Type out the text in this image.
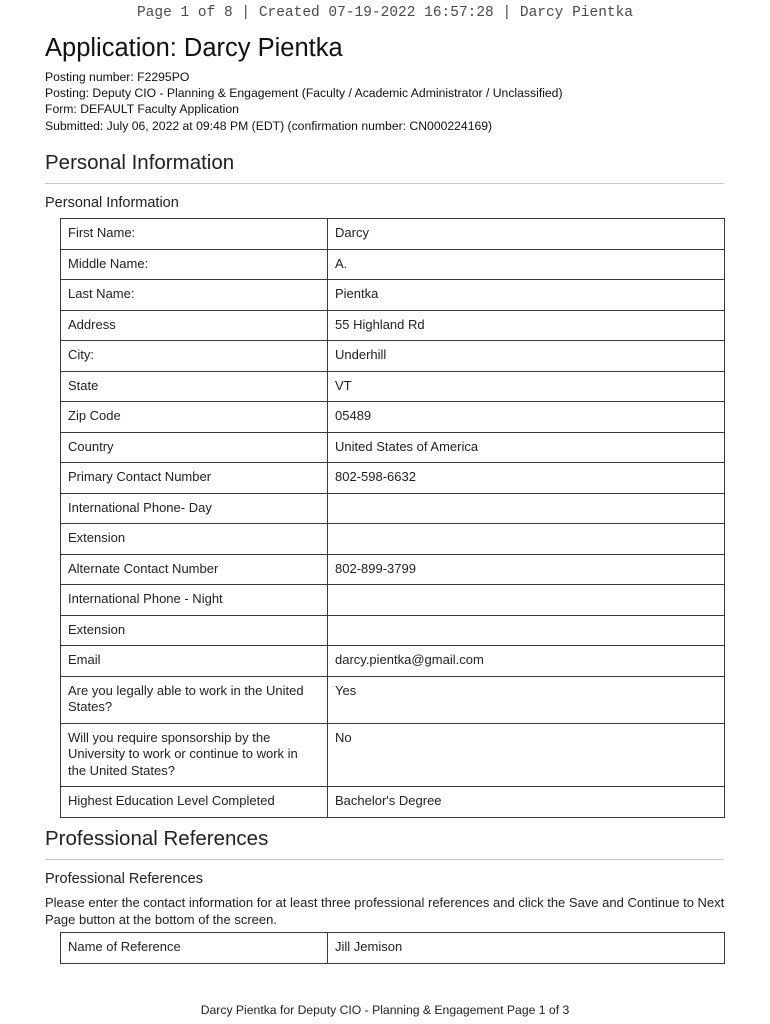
Page 1 of 8 | Created 07-19-2022 16:57:28 | Darcy Pientka
Application: Darcy Pientka
Posting number: F2295PO
Posting: Deputy CIO - Planning & Engagement (Faculty / Academic Administrator / Unclassified)
Form: DEFAULT Faculty Application
Submitted: July 06, 2022 at 09:48 PM (EDT) (confirmation number: CN000224169)
Personal Information
Personal Information
First Name:	Darcy
Middle Name:	A.
Last Name:	Pientka
Address	55 Highland Rd
City:	Underhill
State	VT
Zip Code	05489
Country	United States of America
Primary Contact Number	802-598-6632
International Phone- Day	
Extension	
Alternate Contact Number	802-899-3799
International Phone - Night	
Extension	
Email	darcy.pientka@gmail.com
Are you legally able to work in the United States?	Yes
Will you require sponsorship by the University to work or continue to work in the United States?	No
Highest Education Level Completed	Bachelor's Degree
Professional References
Professional References
Please enter the contact information for at least three professional references and click the Save and Continue to Next Page button at the bottom of the screen.
Name of Reference	Jill Jemison
Darcy Pientka for Deputy CIO - Planning & Engagement Page 1 of 3
